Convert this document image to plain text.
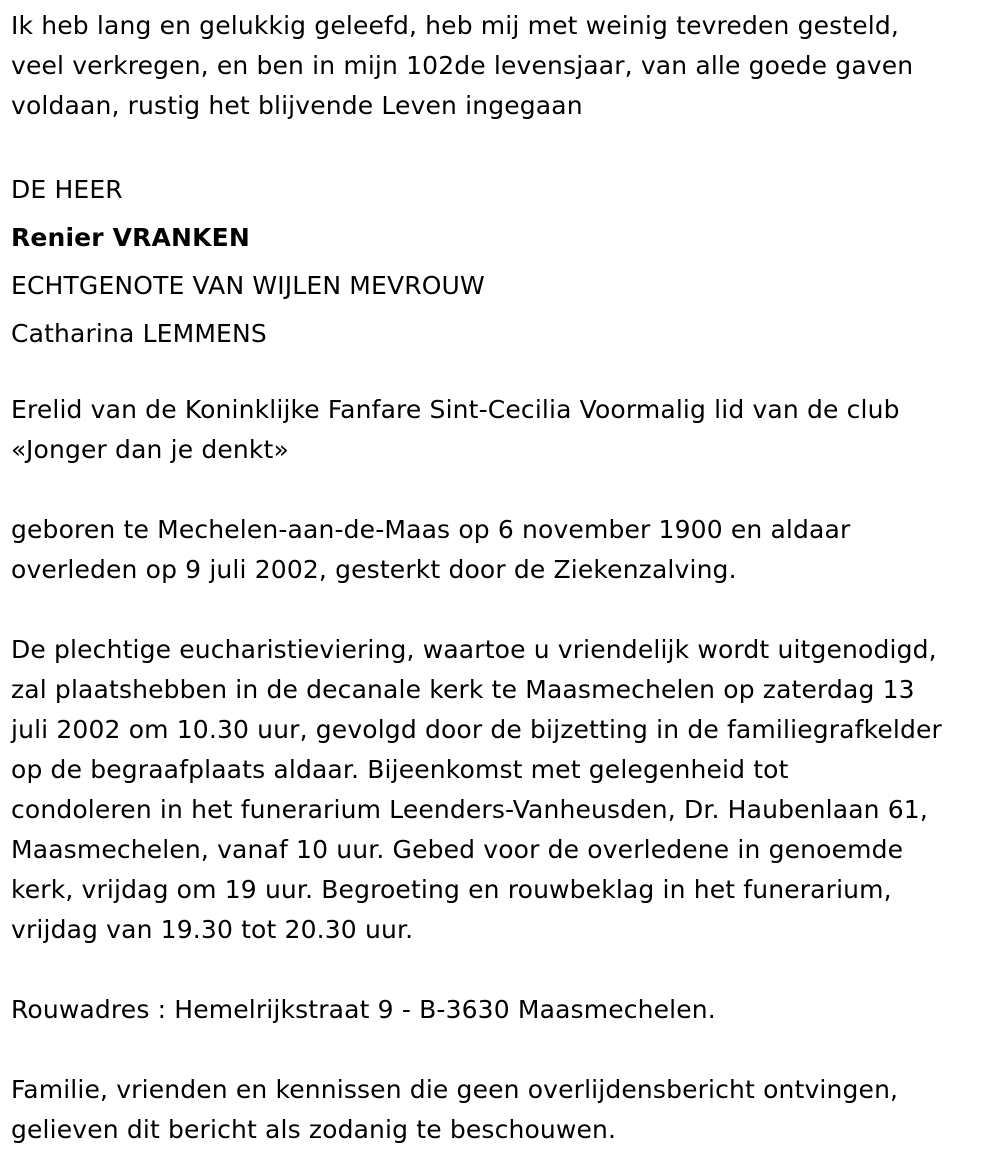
Ik heb lang en gelukkig geleefd, heb mij met weinig tevreden gesteld,
veel verkregen, en ben in mijn 102de levensjaar, van alle goede gaven
voldaan, rustig het blijvende Leven ingegaan

DE HEER
Renier VRANKEN
ECHTGENOTE VAN WIJLEN MEVROUW
Catharina LEMMENS

Erelid van de Koninklijke Fanfare Sint-Cecilia Voormalig lid van de club
«Jonger dan je denkt»

geboren te Mechelen-aan-de-Maas op 6 november 1900 en aldaar
overleden op 9 juli 2002, gesterkt door de Ziekenzalving.

De plechtige eucharistieviering, waartoe u vriendelijk wordt uitgenodigd,
zal plaatshebben in de decanale kerk te Maasmechelen op zaterdag 13
juli 2002 om 10.30 uur, gevolgd door de bijzetting in de familiegrafkelder
op de begraafplaats aldaar. Bijeenkomst met gelegenheid tot
condoleren in het funerarium Leenders-Vanheusden, Dr. Haubenlaan 61,
Maasmechelen, vanaf 10 uur. Gebed voor de overledene in genoemde
kerk, vrijdag om 19 uur. Begroeting en rouwbeklag in het funerarium,
vrijdag van 19.30 tot 20.30 uur.

Rouwadres : Hemelrijkstraat 9 - B-3630 Maasmechelen.

Familie, vrienden en kennissen die geen overlijdensbericht ontvingen,
gelieven dit bericht als zodanig te beschouwen.
